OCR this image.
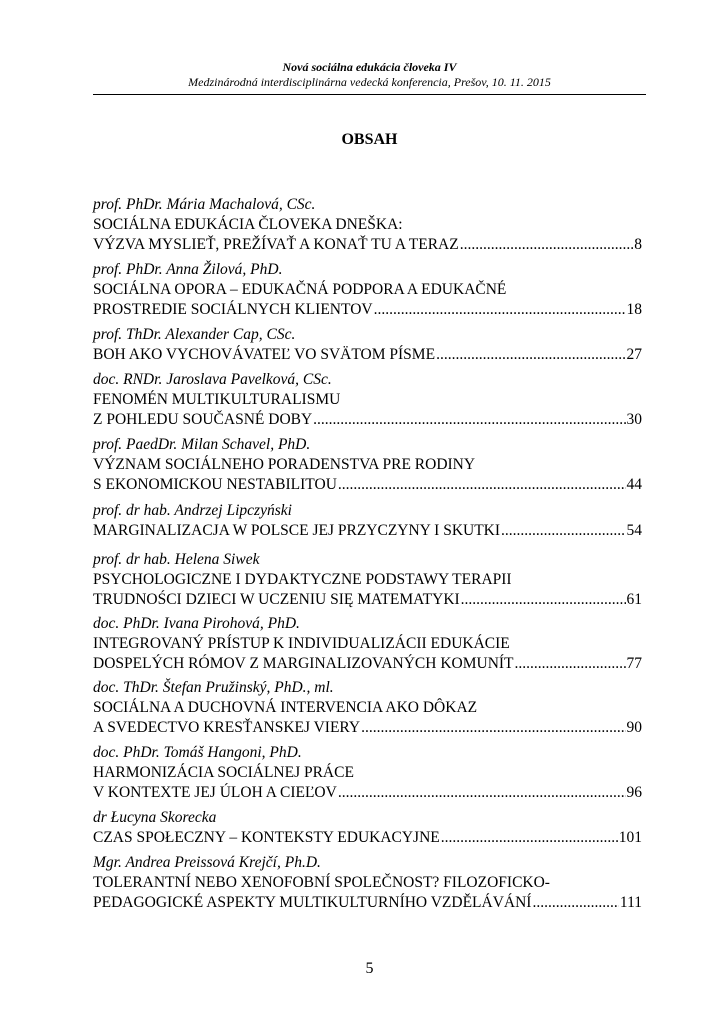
Nová sociálna edukácia človeka IV
Medzinárodná interdisciplinárna vedecká konferencia, Prešov, 10. 11. 2015
OBSAH
prof. PhDr. Mária Machalová, CSc.
SOCIÁLNA EDUKÁCIA ČLOVEKA DNEŠKA:
VÝZVA MYSLIEŤ, PREŽÍVAŤ A KONAŤ TU A TERAZ .....	8
prof. PhDr. Anna Žilová, PhD.
SOCIÁLNA OPORA – EDUKAČNÁ PODPORA A EDUKAČNÉ
PROSTREDIE SOCIÁLNYCH KLIENTOV .....	18
prof. ThDr. Alexander Cap, CSc.
BOH AKO VYCHOVÁVATEĽ VO SVÄTOM PÍSME .....	27
doc. RNDr. Jaroslava Pavelková, CSc.
FENOMÉN MULTIKULTURALISMU
Z POHLEDU SOUČASNÉ DOBY .....	30
prof. PaedDr. Milan Schavel, PhD.
VÝZNAM SOCIÁLNEHO PORADENSTVA PRE RODINY
S EKONOMICKOU NESTABILITOU .....	44
prof. dr hab. Andrzej Lipczyński
MARGINALIZACJA W POLSCE JEJ PRZYCZYNY I SKUTKI .....	54
prof. dr hab. Helena Siwek
PSYCHOLOGICZNE I DYDAKTYCZNE PODSTAWY TERAPII
TRUDNOŚCI DZIECI W UCZENIU SIĘ MATEMATYKI .....	61
doc. PhDr. Ivana Pirohová, PhD.
INTEGROVANÝ PRÍSTUP K INDIVIDUALIZÁCII EDUKÁCIE
DOSPELÝCH RÓMOV Z MARGINALIZOVANÝCH KOMUNÍT .....	77
doc. ThDr. Štefan Pružinský, PhD., ml.
SOCIÁLNA A DUCHOVNÁ INTERVENCIA AKO DÔKAZ
A SVEDECTVO KRESŤANSKEJ VIERY .....	90
doc. PhDr. Tomáš Hangoni, PhD.
HARMONIZÁCIA SOCIÁLNEJ PRÁCE
V KONTEXTE JEJ ÚLOH A CIEĽOV .....	96
dr Łucyna Skorecka
CZAS SPOŁECZNY – KONTEKSTY EDUKACYJNE .....	101
Mgr. Andrea Preissová Krejčí, Ph.D.
TOLERANTNÍ NEBO XENOFOBNÍ SPOLEČNOST? FILOZOFICKO-
PEDAGOGICKÉ ASPEKTY MULTIKULTURNÍHO VZDĚLÁVÁNÍ .....	111
5
